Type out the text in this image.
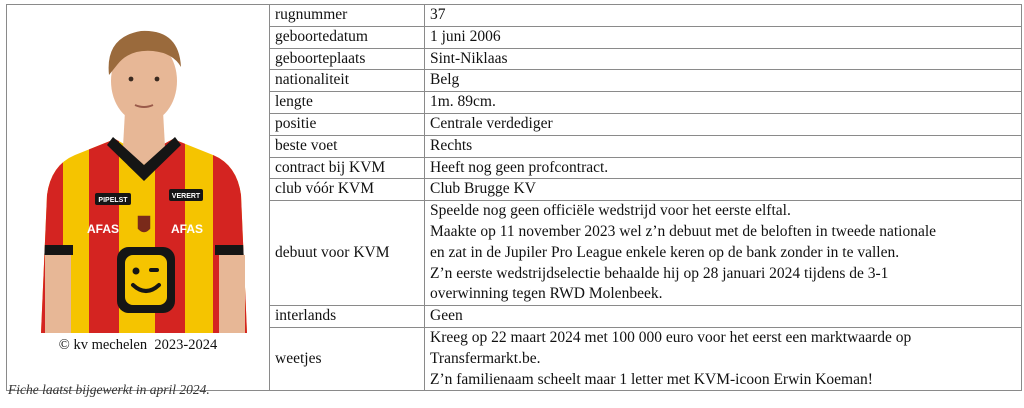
PIPELST
VERERT
AFAS AFAS
© kv mechelen 2023-2024	rugnummer	37

	geboortedatum	1 juni 2006

	geboorteplaats	Sint-Niklaas

	nationaliteit	Belg

	lengte	1m. 89cm.

	positie	Centrale verdediger

	beste voet	Rechts

	contract bij KVM	Heeft nog geen profcontract.

	club vóór KVM	Club Brugge KV

	debuut voor KVM	Speelde nog geen officiële wedstrijd voor het eerste elftal.
Maakte op 11 november 2023 wel z’n debuut met de beloften in tweede nationale
en zat in de Jupiler Pro League enkele keren op de bank zonder in te vallen.
Z’n eerste wedstrijdselectie behaalde hij op 28 januari 2024 tijdens de 3-1
overwinning tegen RWD Molenbeek.

	interlands	Geen

	weetjes	Kreeg op 22 maart 2024 met 100 000 euro voor het eerst een marktwaarde op
Transfermarkt.be.
Z’n familienaam scheelt maar 1 letter met KVM-icoon Erwin Koeman!
Fiche laatst bijgewerkt in april 2024.
